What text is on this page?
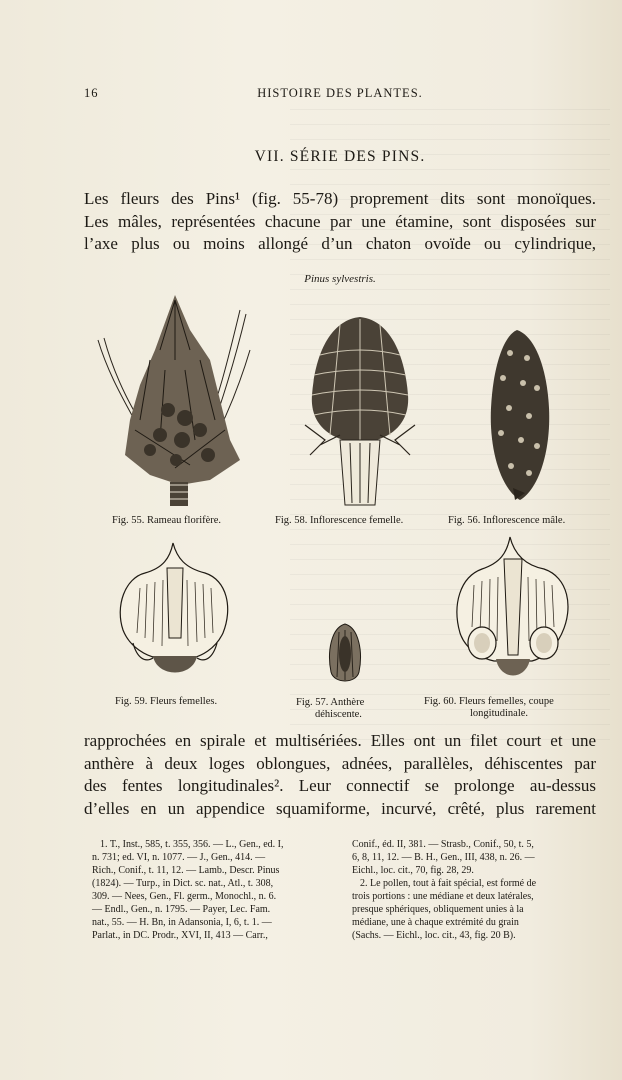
16	HISTOIRE DES PLANTES.
VII. SÉRIE DES PINS.
Les fleurs des Pins¹ (fig. 55-78) proprement dits sont monoïques.
Les mâles, représentées chacune par une étamine, sont disposées sur
l’axe plus ou moins allongé d’un chaton ovoïde ou cylindrique,
Pinus sylvestris.
Fig. 55. Rameau florifère.	Fig. 58. Inflorescence femelle.	Fig. 56. Inflorescence mâle.
Fig. 59. Fleurs femelles.	Fig. 57. Anthère
déhiscente.
Fig. 60. Fleurs femelles, coupe
longitudinale.
rapprochées en spirale et multisériées. Elles ont un filet court et une
anthère à deux loges oblongues, adnées, parallèles, déhiscentes par
des fentes longitudinales². Leur connectif se prolonge au-dessus
d’elles en un appendice squamiforme, incurvé, crêté, plus rarement
1. T., Inst., 585, t. 355, 356. — L., Gen., ed. I,
n. 731; ed. VI, n. 1077. — J., Gen., 414. —
Rich., Conif., t. 11, 12. — Lamb., Descr. Pinus
(1824). — Turp., in Dict. sc. nat., Atl., t. 308,
309. — Nees, Gen., Fl. germ., Monochl., n. 6.
— Endl., Gen., n. 1795. — Payer, Lec. Fam.
nat., 55. — H. Bn, in Adansonia, I, 6, t. 1. —
Parlat., in DC. Prodr., XVI, II, 413 — Carr.,
Conif., éd. II, 381. — Strasb., Conif., 50, t. 5,
6, 8, 11, 12. — B. H., Gen., III, 438, n. 26. —
Eichl., loc. cit., 70, fig. 28, 29.
2. Le pollen, tout à fait spécial, est formé de
trois portions : une médiane et deux latérales,
presque sphériques, obliquement unies à la
médiane, une à chaque extrémité du grain
(Sachs. — Eichl., loc. cit., 43, fig. 20 B).
